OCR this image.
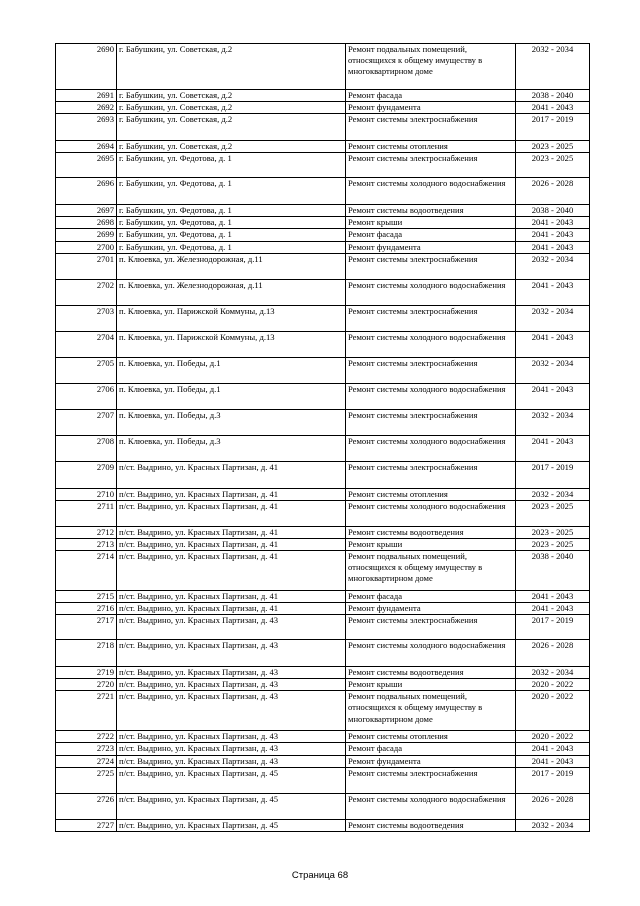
2690	г. Бабушкин, ул. Советская, д.2	Ремонт подвальных помещений, относящихся к общему имуществу в многоквартирном доме	2032 - 2034
2691	г. Бабушкин, ул. Советская, д.2	Ремонт фасада	2038 - 2040
2692	г. Бабушкин, ул. Советская, д.2	Ремонт фундамента	2041 - 2043
2693	г. Бабушкин, ул. Советская, д.2	Ремонт системы электроснабжения	2017 - 2019
2694	г. Бабушкин, ул. Советская, д.2	Ремонт системы отопления	2023 - 2025
2695	г. Бабушкин, ул. Федотова, д. 1	Ремонт системы электроснабжения	2023 - 2025
2696	г. Бабушкин, ул. Федотова, д. 1	Ремонт системы холодного водоснабжения	2026 - 2028
2697	г. Бабушкин, ул. Федотова, д. 1	Ремонт системы водоотведения	2038 - 2040
2698	г. Бабушкин, ул. Федотова, д. 1	Ремонт крыши	2041 - 2043
2699	г. Бабушкин, ул. Федотова, д. 1	Ремонт фасада	2041 - 2043
2700	г. Бабушкин, ул. Федотова, д. 1	Ремонт фундамента	2041 - 2043
2701	п. Клюевка, ул. Железнодорожная, д.11	Ремонт системы электроснабжения	2032 - 2034
2702	п. Клюевка, ул. Железнодорожная, д.11	Ремонт системы холодного водоснабжения	2041 - 2043
2703	п. Клюевка, ул. Парижской Коммуны, д.13	Ремонт системы электроснабжения	2032 - 2034
2704	п. Клюевка, ул. Парижской Коммуны, д.13	Ремонт системы холодного водоснабжения	2041 - 2043
2705	п. Клюевка, ул. Победы, д.1	Ремонт системы электроснабжения	2032 - 2034
2706	п. Клюевка, ул. Победы, д.1	Ремонт системы холодного водоснабжения	2041 - 2043
2707	п. Клюевка, ул. Победы, д.3	Ремонт системы электроснабжения	2032 - 2034
2708	п. Клюевка, ул. Победы, д.3	Ремонт системы холодного водоснабжения	2041 - 2043
2709	п/ст. Выдрино, ул. Красных Партизан, д. 41	Ремонт системы электроснабжения	2017 - 2019
2710	п/ст. Выдрино, ул. Красных Партизан, д. 41	Ремонт системы отопления	2032 - 2034
2711	п/ст. Выдрино, ул. Красных Партизан, д. 41	Ремонт системы холодного водоснабжения	2023 - 2025
2712	п/ст. Выдрино, ул. Красных Партизан, д. 41	Ремонт системы водоотведения	2023 - 2025
2713	п/ст. Выдрино, ул. Красных Партизан, д. 41	Ремонт крыши	2023 - 2025
2714	п/ст. Выдрино, ул. Красных Партизан, д. 41	Ремонт подвальных помещений, относящихся к общему имуществу в многоквартирном доме	2038 - 2040
2715	п/ст. Выдрино, ул. Красных Партизан, д. 41	Ремонт фасада	2041 - 2043
2716	п/ст. Выдрино, ул. Красных Партизан, д. 41	Ремонт фундамента	2041 - 2043
2717	п/ст. Выдрино, ул. Красных Партизан, д. 43	Ремонт системы электроснабжения	2017 - 2019
2718	п/ст. Выдрино, ул. Красных Партизан, д. 43	Ремонт системы холодного водоснабжения	2026 - 2028
2719	п/ст. Выдрино, ул. Красных Партизан, д. 43	Ремонт системы водоотведения	2032 - 2034
2720	п/ст. Выдрино, ул. Красных Партизан, д. 43	Ремонт крыши	2020 - 2022
2721	п/ст. Выдрино, ул. Красных Партизан, д. 43	Ремонт подвальных помещений, относящихся к общему имуществу в многоквартирном доме	2020 - 2022
2722	п/ст. Выдрино, ул. Красных Партизан, д. 43	Ремонт системы отопления	2020 - 2022
2723	п/ст. Выдрино, ул. Красных Партизан, д. 43	Ремонт фасада	2041 - 2043
2724	п/ст. Выдрино, ул. Красных Партизан, д. 43	Ремонт фундамента	2041 - 2043
2725	п/ст. Выдрино, ул. Красных Партизан, д. 45	Ремонт системы электроснабжения	2017 - 2019
2726	п/ст. Выдрино, ул. Красных Партизан, д. 45	Ремонт системы холодного водоснабжения	2026 - 2028
2727	п/ст. Выдрино, ул. Красных Партизан, д. 45	Ремонт системы водоотведения	2032 - 2034
Страница 68
